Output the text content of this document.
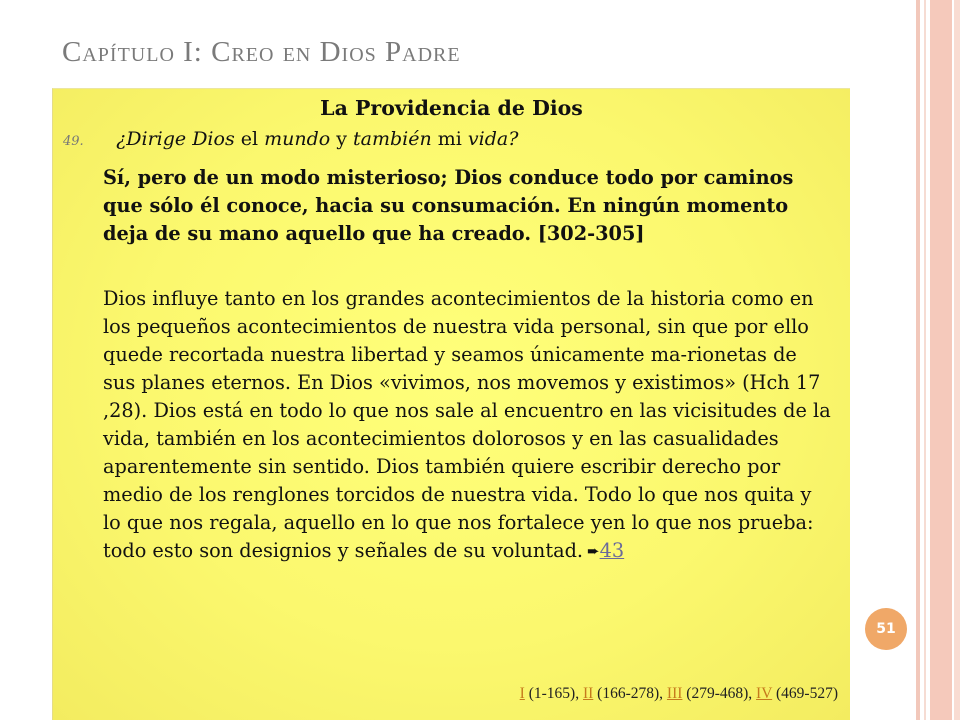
Capítulo I: Creo en Dios Padre
La Providencia de Dios
49. ¿Dirige Dios el mundo y también mi vida?

Sí, pero de un modo misterioso; Dios conduce todo por caminos que sólo él conoce, hacia su consumación. En ningún momento deja de su mano aquello que ha creado. [302-305]

Dios influye tanto en los grandes acontecimientos de la historia como en los pequeños acontecimientos de nuestra vida personal, sin que por ello quede recortada nuestra libertad y seamos únicamente ma-rionetas de sus planes eternos. En Dios «vivimos, nos movemos y existimos» (Hch 17 ,28). Dios está en todo lo que nos sale al encuentro en las vicisitudes de la vida, también en los acontecimientos dolorosos y en las casualidades aparentemente sin sentido. Dios también quiere escribir derecho por medio de los renglones torcidos de nuestra vida. Todo lo que nos quita y lo que nos regala, aquello en lo que nos fortalece yen lo que nos prueba: todo esto son designios y señales de su voluntad. ➨43

I (1-165), II (166-278), III (279-468), IV (469-527)
51
